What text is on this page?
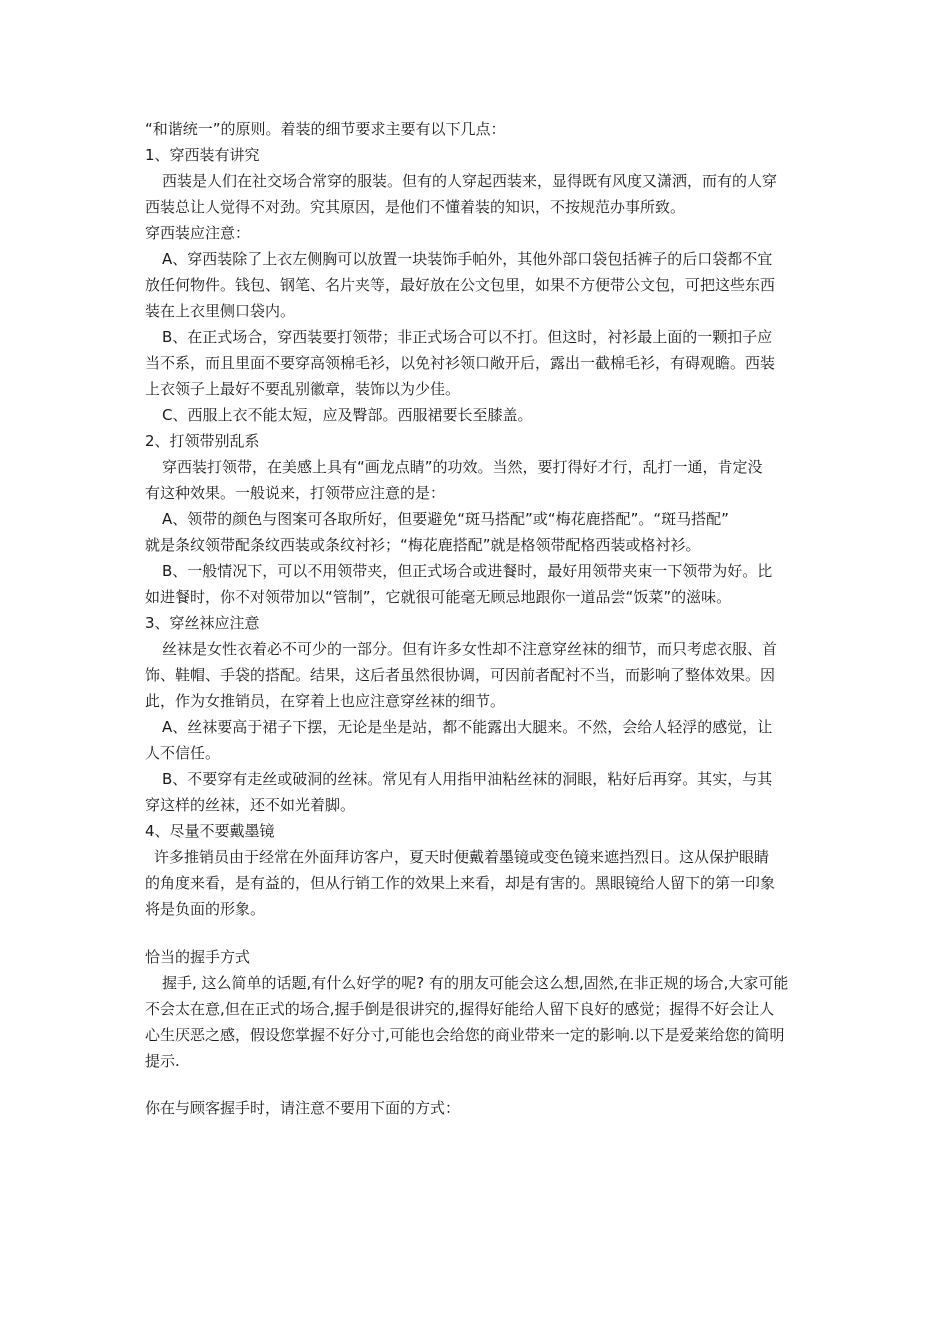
“和谐统一”的原则。着装的细节要求主要有以下几点：

1、穿西装有讲究

西装是人们在社交场合常穿的服装。但有的人穿起西装来，显得既有风度又潇洒，而有的人穿

西装总让人觉得不对劲。究其原因，是他们不懂着装的知识，不按规范办事所致。

穿西装应注意：

A、穿西装除了上衣左侧胸可以放置一块装饰手帕外，其他外部口袋包括裤子的后口袋都不宜

放任何物件。钱包、钢笔、名片夹等，最好放在公文包里，如果不方便带公文包，可把这些东西

装在上衣里侧口袋内。

B、在正式场合，穿西装要打领带；非正式场合可以不打。但这时，衬衫最上面的一颗扣子应

当不系，而且里面不要穿高领棉毛衫，以免衬衫领口敞开后，露出一截棉毛衫，有碍观瞻。西装

上衣领子上最好不要乱别徽章，装饰以为少佳。

C、西服上衣不能太短，应及臀部。西服裙要长至膝盖。

2、打领带别乱系

穿西装打领带，在美感上具有“画龙点睛”的功效。当然，要打得好才行，乱打一通，肯定没

有这种效果。一般说来，打领带应注意的是：

A、领带的颜色与图案可各取所好，但要避免“斑马搭配”或“梅花鹿搭配”。“斑马搭配”

就是条纹领带配条纹西装或条纹衬衫；“梅花鹿搭配”就是格领带配格西装或格衬衫。

B、一般情况下，可以不用领带夹，但正式场合或进餐时，最好用领带夹束一下领带为好。比

如进餐时，你不对领带加以“管制”，它就很可能毫无顾忌地跟你一道品尝“饭菜”的滋味。

3、穿丝袜应注意

丝袜是女性衣着必不可少的一部分。但有许多女性却不注意穿丝袜的细节，而只考虑衣服、首

饰、鞋帽、手袋的搭配。结果，这后者虽然很协调，可因前者配衬不当，而影响了整体效果。因

此，作为女推销员，在穿着上也应注意穿丝袜的细节。

A、丝袜要高于裙子下摆，无论是坐是站，都不能露出大腿来。不然，会给人轻浮的感觉，让

人不信任。

B、不要穿有走丝或破洞的丝袜。常见有人用指甲油粘丝袜的洞眼，粘好后再穿。其实，与其

穿这样的丝袜，还不如光着脚。

4、尽量不要戴墨镜

许多推销员由于经常在外面拜访客户，夏天时便戴着墨镜或变色镜来遮挡烈日。这从保护眼睛

的角度来看，是有益的，但从行销工作的效果上来看，却是有害的。黑眼镜给人留下的第一印象

将是负面的形象。

恰当的握手方式

握手, 这么简单的话题,有什么好学的呢? 有的朋友可能会这么想,固然,在非正规的场合,大家可能

不会太在意,但在正式的场合,握手倒是很讲究的,握得好能给人留下良好的感觉；握得不好会让人

心生厌恶之感，假设您掌握不好分寸,可能也会给您的商业带来一定的影响.以下是爱莱给您的简明

提示.

你在与顾客握手时，请注意不要用下面的方式：
